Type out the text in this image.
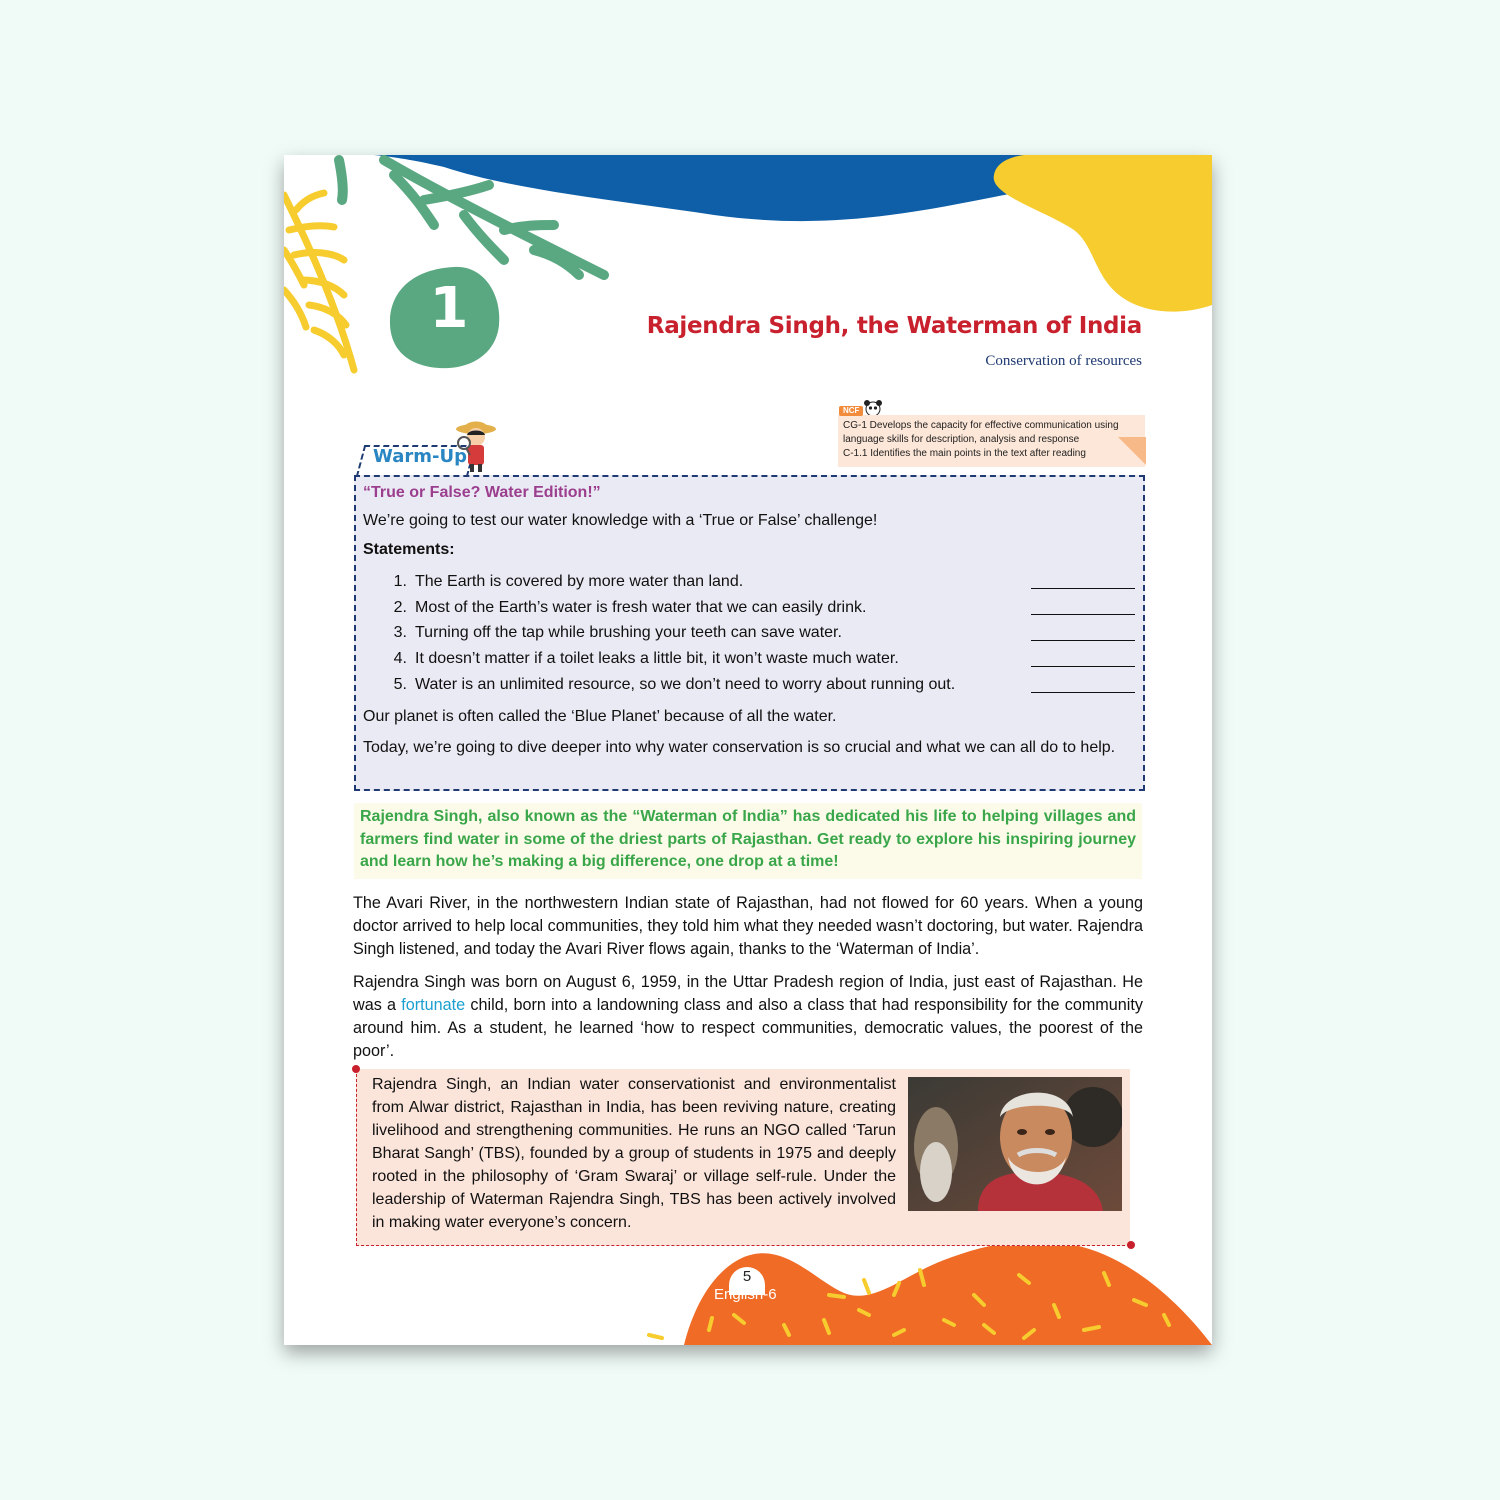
1	Rajendra Singh, the Waterman of India
Conservation of resources
CG-1 Develops the capacity for effective communication using
language skills for description, analysis and response
C-1.1 Identifies the main points in the text after reading
NCF
Warm-Up
“True or False? Water Edition!”

We’re going to test our water knowledge with a ‘True or False’ challenge!

Statements:

1. The Earth is covered by more water than land.
2. Most of the Earth’s water is fresh water that we can easily drink.
3. Turning off the tap while brushing your teeth can save water.
4. It doesn’t matter if a toilet leaks a little bit, it won’t waste much water.
5. Water is an unlimited resource, so we don’t need to worry about running out.

Our planet is often called the ‘Blue Planet’ because of all the water.

Today, we’re going to dive deeper into why water conservation is so crucial and what we can all do to help.

Rajendra Singh, also known as the “Waterman of India” has dedicated his life to helping villages and farmers find water in some of the driest parts of Rajasthan. Get ready to explore his inspiring journey and learn how he’s making a big difference, one drop at a time!

The Avari River, in the northwestern Indian state of Rajasthan, had not flowed for 60 years. When a young doctor arrived to help local communities, they told him what they needed wasn’t doctoring, but water. Rajendra Singh listened, and today the Avari River flows again, thanks to the ‘Waterman of India’.

Rajendra Singh was born on August 6, 1959, in the Uttar Pradesh region of India, just east of Rajasthan. He was a fortunate child, born into a landowning class and also a class that had responsibility for the community around him. As a student, he learned ‘how to respect communities, democratic values, the poorest of the poor’.

Rajendra Singh, an Indian water conservationist and environmentalist from Alwar district, Rajasthan in India, has been reviving nature, creating livelihood and strengthening communities. He runs an NGO called ‘Tarun Bharat Sangh’ (TBS), founded by a group of students in 1975 and deeply rooted in the philosophy of ‘Gram Swaraj’ or village self-rule. Under the leadership of Waterman Rajendra Singh, TBS has been actively involved in making water everyone’s concern.
5
English-6
